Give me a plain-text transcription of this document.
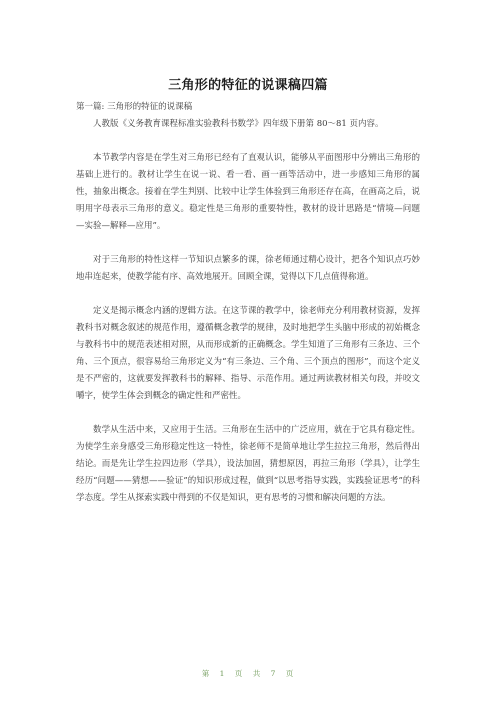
三角形的特征的说课稿四篇

第一篇: 三角形的特征的说课稿

人教版《义务教育课程标准实验教科书数学》四年级下册第 80～81 页内容。

本节教学内容是在学生对三角形已经有了直观认识，能够从平面图形中分辨出三角形的基础上进行的。教材让学生在说一说、看一看、画一画等活动中，进一步感知三角形的属性，抽象出概念。接着在学生判别、比较中让学生体验到三角形还存在高，在画高之后，说明用字母表示三角形的意义。稳定性是三角形的重要特性，教材的设计思路是“情境—问题—实验—解释—应用”。

对于三角形的特性这样一节知识点繁多的课，徐老师通过精心设计，把各个知识点巧妙地串连起来，使教学能有序、高效地展开。回顾全课，觉得以下几点值得称道。

定义是揭示概念内涵的逻辑方法。在这节课的教学中，徐老师充分利用教材资源，发挥教科书对概念叙述的规范作用，遵循概念教学的规律，及时地把学生头脑中形成的初始概念与教科书中的规范表述相对照，从而形成新的正确概念。学生知道了三角形有三条边、三个角、三个顶点，很容易给三角形定义为“有三条边、三个角、三个顶点的图形”，而这个定义是不严密的，这就要发挥教科书的解释、指导、示范作用。通过两读教材相关句段，并咬文嚼字，使学生体会到概念的确定性和严密性。

数学从生活中来，又应用于生活。三角形在生活中的广泛应用，就在于它具有稳定性。为使学生亲身感受三角形稳定性这一特性，徐老师不是简单地让学生拉拉三角形，然后得出结论。而是先让学生拉四边形（学具），设法加固，猜想原因，再拉三角形（学具），让学生经历“问题——猜想——验证”的知识形成过程，做到“以思考指导实践，实践验证思考”的科学态度。学生从探索实践中得到的不仅是知识，更有思考的习惯和解决问题的方法。

第 1 页 共 7 页
